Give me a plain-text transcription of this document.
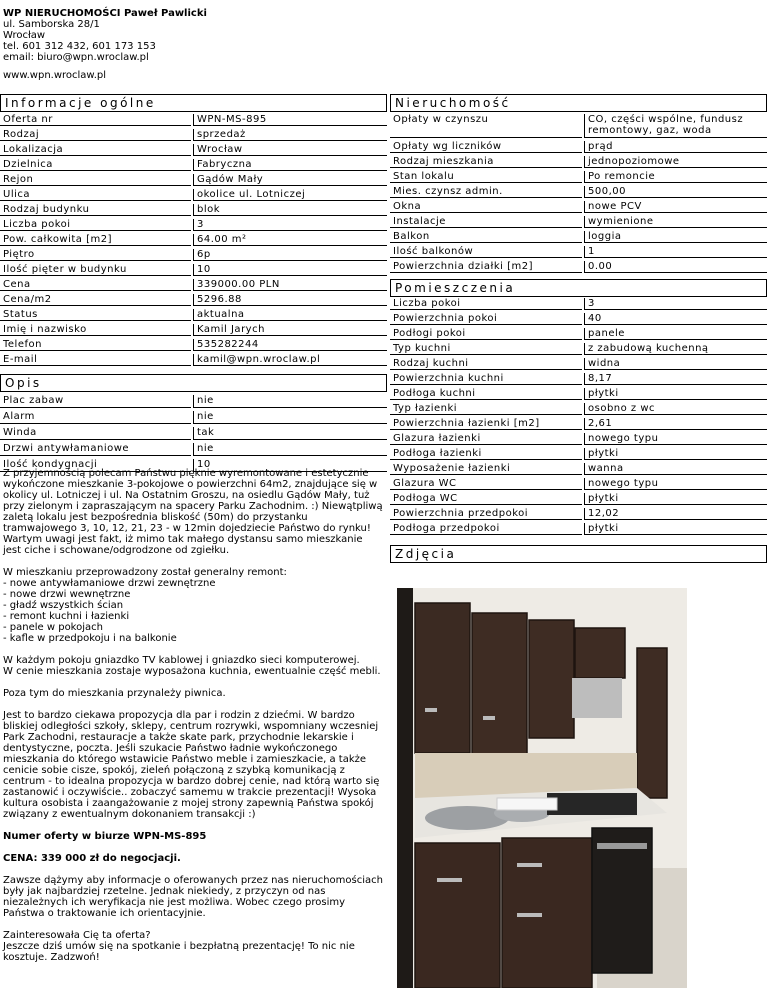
WP NIERUCHOMOŚCI Paweł Pawlicki
ul. Samborska 28/1
Wrocław
tel. 601 312 432, 601 173 153
email: biuro@wpn.wroclaw.pl
www.wpn.wroclaw.pl
Informacje ogólne	Nieruchomość
Oferta nr	WPN-MS-895
Rodzaj	sprzedaż
Lokalizacja	Wrocław
Dzielnica	Fabryczna
Rejon	Gądów Mały
Ulica	okolice ul. Lotniczej
Rodzaj budynku	blok
Liczba pokoi	3
Pow. całkowita [m2]	64.00 m²
Piętro	6p
Ilość pięter w budynku	10
Cena	339000.00 PLN
Cena/m2	5296.88
Status	aktualna
Imię i nazwisko	Kamil Jarych
Telefon	535282244
E-mail	kamil@wpn.wroclaw.pl
Opis
Plac zabaw	nie
Alarm	nie
Winda	tak
Drzwi antywłamaniowe	nie
Ilość kondygnacji	10
Opłaty w czynszu	CO, części wspólne, fundusz remontowy, gaz, woda
Opłaty wg liczników	prąd
Rodzaj mieszkania	jednopoziomowe
Stan lokalu	Po remoncie
Mies. czynsz admin.	500,00
Okna	nowe PCV
Instalacje	wymienione
Balkon	loggia
Ilość balkonów	1
Powierzchnia działki [m2]	0.00
Pomieszczenia
Liczba pokoi	3
Powierzchnia pokoi	40
Podłogi pokoi	panele
Typ kuchni	z zabudową kuchenną
Rodzaj kuchni	widna
Powierzchnia kuchni	8,17
Podłoga kuchni	płytki
Typ łazienki	osobno z wc
Powierzchnia łazienki [m2]	2,61
Glazura łazienki	nowego typu
Podłoga łazienki	płytki
Wyposażenie łazienki	wanna
Glazura WC	nowego typu
Podłoga WC	płytki
Powierzchnia przedpokoi	12,02
Podłoga przedpokoi	płytki
Zdjęcia

Z przyjemnością polecam Państwu pięknie wyremontowane i estetycznie wykończone mieszkanie 3-pokojowe o powierzchni 64m2, znajdujące się w okolicy ul. Lotniczej i ul. Na Ostatnim Groszu, na osiedlu Gądów Mały, tuż przy zielonym i zapraszającym na spacery Parku Zachodnim. :) Niewątpliwą zaletą lokalu jest bezpośrednia bliskość (50m) do przystanku tramwajowego 3, 10, 12, 21, 23 - w 12min dojedziecie Państwo do rynku! Wartym uwagi jest fakt, iż mimo tak małego dystansu samo mieszkanie jest ciche i schowane/odgrodzone od zgiełku.

W mieszkaniu przeprowadzony został generalny remont:
- nowe antywłamaniowe drzwi zewnętrzne
- nowe drzwi wewnętrzne
- gładź wszystkich ścian
- remont kuchni i łazienki
- panele w pokojach
- kafle w przedpokoju i na balkonie

W każdym pokoju gniazdko TV kablowej i gniazdko sieci komputerowej.
W cenie mieszkania zostaje wyposażona kuchnia, ewentualnie część mebli.

Poza tym do mieszkania przynależy piwnica.

Jest to bardzo ciekawa propozycja dla par i rodzin z dziećmi. W bardzo bliskiej odległości szkoły, sklepy, centrum rozrywki, wspomniany wczesniej Park Zachodni, restauracje a także skate park, przychodnie lekarskie i dentystyczne, poczta. Jeśli szukacie Państwo ładnie wykończonego mieszkania do którego wstawicie Państwo meble i zamieszkacie, a także cenicie sobie cisze, spokój, zieleń połączoną z szybką komunikacją z centrum - to idealna propozycja w bardzo dobrej cenie, nad którą warto się zastanowić i oczywiście.. zobaczyć samemu w trakcie prezentacji! Wysoka kultura osobista i zaangażowanie z mojej strony zapewnią Państwa spokój związany z ewentualnym dokonaniem transakcji :)

Numer oferty w biurze WPN-MS-895

CENA: 339 000 zł do negocjacji.

Zawsze dążymy aby informacje o oferowanych przez nas nieruchomościach były jak najbardziej rzetelne. Jednak niekiedy, z przyczyn od nas niezależnych ich weryfikacja nie jest możliwa. Wobec czego prosimy Państwa o traktowanie ich orientacyjnie.

Zainteresowała Cię ta oferta?
Jeszcze dziś umów się na spotkanie i bezpłatną prezentację! To nic nie kosztuje. Zadzwoń!
